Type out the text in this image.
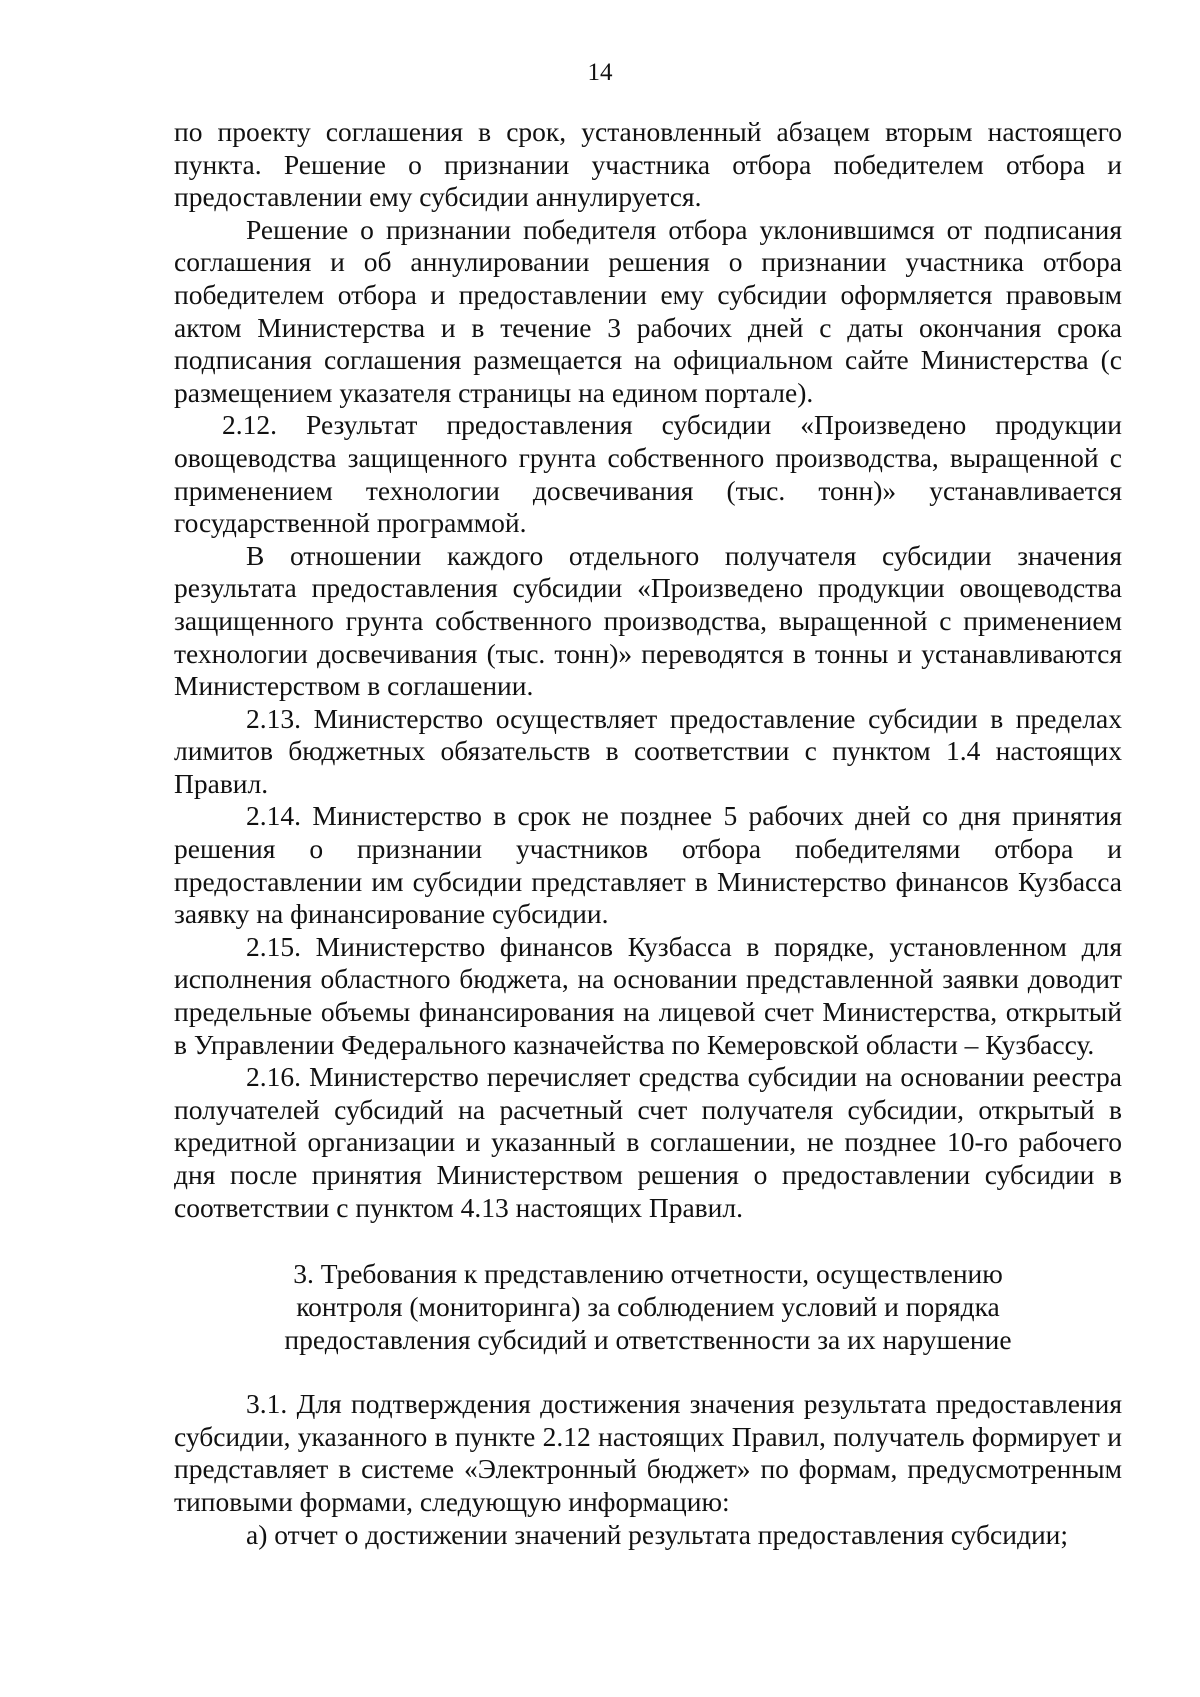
14

по проекту соглашения в срок, установленный абзацем вторым настоящего пункта. Решение о признании участника отбора победителем отбора и предоставлении ему субсидии аннулируется.

Решение о признании победителя отбора уклонившимся от подписания соглашения и об аннулировании решения о признании участника отбора победителем отбора и предоставлении ему субсидии оформляется правовым актом Министерства и в течение 3 рабочих дней с даты окончания срока подписания соглашения размещается на официальном сайте Министерства (с размещением указателя страницы на едином портале).

2.12. Результат предоставления субсидии «Произведено продукции овощеводства защищенного грунта собственного производства, выращенной с применением технологии досвечивания (тыс. тонн)» устанавливается государственной программой.

В отношении каждого отдельного получателя субсидии значения результата предоставления субсидии «Произведено продукции овощеводства защищенного грунта собственного производства, выращенной с применением технологии досвечивания (тыс. тонн)» переводятся в тонны и устанавливаются Министерством в соглашении.

2.13. Министерство осуществляет предоставление субсидии в пределах лимитов бюджетных обязательств в соответствии с пунктом 1.4 настоящих Правил.

2.14. Министерство в срок не позднее 5 рабочих дней со дня принятия решения о признании участников отбора победителями отбора и предоставлении им субсидии представляет в Министерство финансов Кузбасса заявку на финансирование субсидии.

2.15. Министерство финансов Кузбасса в порядке, установленном для исполнения областного бюджета, на основании представленной заявки доводит предельные объемы финансирования на лицевой счет Министерства, открытый в Управлении Федерального казначейства по Кемеровской области – Кузбассу.

2.16. Министерство перечисляет средства субсидии на основании реестра получателей субсидий на расчетный счет получателя субсидии, открытый в кредитной организации и указанный в соглашении, не позднее 10-го рабочего дня после принятия Министерством решения о предоставлении субсидии в соответствии с пунктом 4.13 настоящих Правил.

3. Требования к представлению отчетности, осуществлению контроля (мониторинга) за соблюдением условий и порядка предоставления субсидий и ответственности за их нарушение

3.1. Для подтверждения достижения значения результата предоставления субсидии, указанного в пункте 2.12 настоящих Правил, получатель формирует и представляет в системе «Электронный бюджет» по формам, предусмотренным типовыми формами, следующую информацию:

а) отчет о достижении значений результата предоставления субсидии;
